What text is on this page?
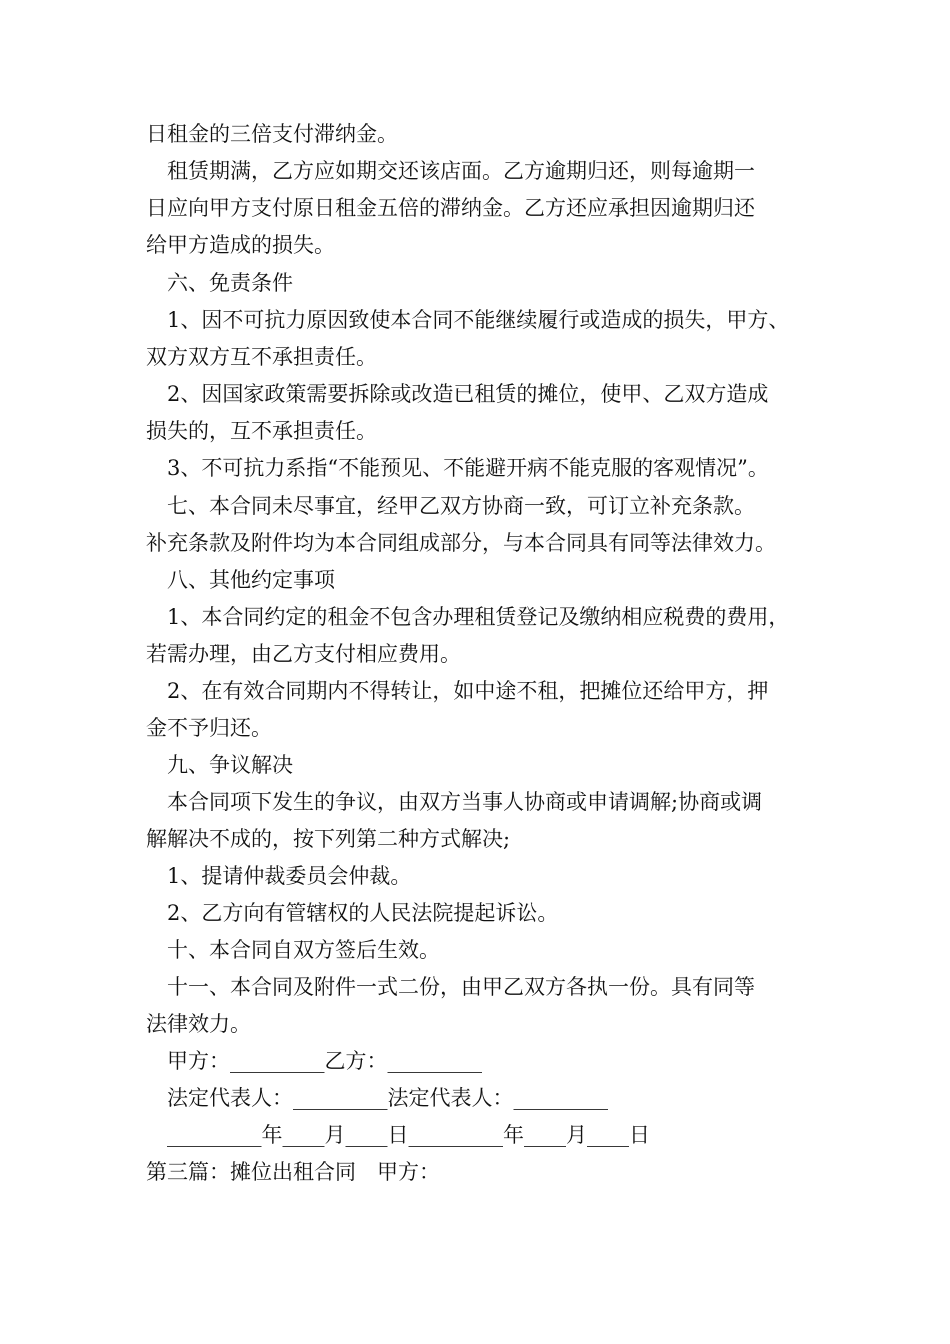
日租金的三倍支付滞纳金。
　租赁期满，乙方应如期交还该店面。乙方逾期归还，则每逾期一
日应向甲方支付原日租金五倍的滞纳金。乙方还应承担因逾期归还
给甲方造成的损失。
　六、免责条件
　1、因不可抗力原因致使本合同不能继续履行或造成的损失，甲方、
双方双方互不承担责任。
　2、因国家政策需要拆除或改造已租赁的摊位，使甲、乙双方造成
损失的，互不承担责任。
　3、不可抗力系指“不能预见、不能避开病不能克服的客观情况”。
　七、本合同未尽事宜，经甲乙双方协商一致，可订立补充条款。
补充条款及附件均为本合同组成部分，与本合同具有同等法律效力。
　八、其他约定事项
　1、本合同约定的租金不包含办理租赁登记及缴纳相应税费的费用，
若需办理，由乙方支付相应费用。
　2、在有效合同期内不得转让，如中途不租，把摊位还给甲方，押
金不予归还。
　九、争议解决
　本合同项下发生的争议，由双方当事人协商或申请调解;协商或调
解解决不成的，按下列第二种方式解决;
　1、提请仲裁委员会仲裁。
　2、乙方向有管辖权的人民法院提起诉讼。
　十、本合同自双方签后生效。
　十一、本合同及附件一式二份，由甲乙双方各执一份。具有同等
法律效力。
　甲方：_________乙方：_________
　法定代表人：_________法定代表人：_________
　_________年____月____日_________年____月____日
第三篇：摊位出租合同　甲方：
